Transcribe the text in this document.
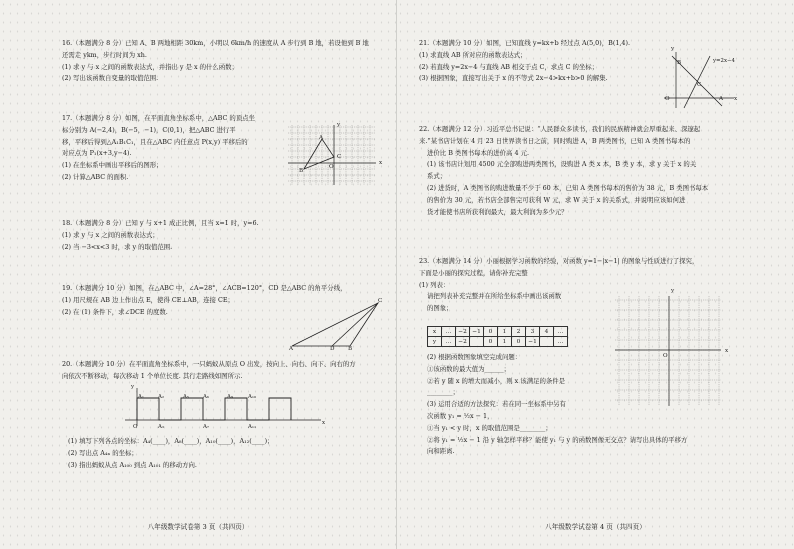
16.（本题满分 8 分）已知 A、B 两地相距 30km，小明以 6km/h 的速度从 A 步行到 B 地，若设他到 B 地
还需走 ykm，步行时间为 xh.
(1) 求 y 与 x 之间的函数表达式，并指出 y 是 x 的什么函数；
(2) 写出该函数自变量的取值范围.
17.（本题满分 8 分）如图，在平面直角坐标系中，△ABC 的顶点坐
标分别为 A(−2,4)，B(−5，−1)，C(0,1)，把△ABC 进行平
移，平移后得到△A₁B₁C₁，且在△ABC 内任意点 P(x,y) 平移后的
对应点为 P₁(x+3,y−4).
(1) 在坐标系中画出平移后的图形；
(2) 计算△ABC 的面积.
A
B
C
O
x
y
18.（本题满分 8 分）已知 y 与 x+1 成正比例，且当 x=1 时，y=6.
(1) 求 y 与 x 之间的函数表达式；
(2) 当 −3<x<3 时，求 y 的取值范围.
19.（本题满分 10 分）如图，在△ABC 中，∠A=28°，∠ACB=120°，CD 是△ABC 的角平分线，
(1) 用尺规在 AB 边上作出点 E，使得 CE⊥AB，连接 CE；
(2) 在 (1) 条件下，求∠DCE 的度数.
A	D B
C
20.（本题满分 10 分）在平面直角坐标系中，一只蚂蚁从原点 O 出发，按向上、向右、向下、向右的方
向依次不断移动，每次移动 1 个单位长度. 其行走路线如图所示.
O
A₁	A₂
A₃
A₅	A₆
A₇
A₉	A₁₀
A₁₁
x
y
(1) 填写下列各点的坐标：A₄(____)，A₈(____)，A₁₀(____)，A₁₂(____)；
(2) 写出点 A₄ₙ 的坐标；
(3) 指出蚂蚁从点 A₁₀₀ 到点 A₁₀₁ 的移动方向.
八年级数学试卷第 3 页（共四页）
21.（本题满分 10 分）如图，已知直线 y=kx+b 经过点 A(5,0)，B(1,4).
(1) 求直线 AB 所对应的函数表达式；
(2) 若直线 y=2x−4 与直线 AB 相交于点 C，求点 C 的坐标；
(3) 根据图象，直接写出关于 x 的不等式 2x−4>kx+b>0 的解集.
B
A
C
O	x
y
y=2x−4
22.（本题满分 12 分）习近平总书记说：“人民群众多读书，我们的民族精神就会厚重起来、深邃起
来.”某书店计划在 4 月 23 日世界读书日之前，同时购进 A，B 两类图书，已知 A 类图书每本的
进价比 B 类图书每本的进价高 4 元.
(1) 该书店计划用 4500 元全部购进两类图书，设购进 A 类 x 本，B 类 y 本，求 y 关于 x 的关
系式；
(2) 进货时，A 类图书的购进数量不少于 60 本，已知 A 类图书每本的售价为 38 元，B 类图书每本
的售价为 30 元，若书店全部售完可获利 W 元，求 W 关于 x 的关系式，并说明应该如何进
货才能使书店所获利润最大，最大利润为多少元？
23.（本题满分 14 分）小丽根据学习函数的经验，对函数 y=1−|x−1| 的图象与性质进行了探究，
下面是小丽的探究过程，请你补充完整
(1) 列表：
请把列表补充完整并在所给坐标系中画出该函数
的图象；
x	…	−2	−1	0	1	2	3	4	…
y	…	−2		0	1	0	−1		…
O
x
y
(2) 根据函数图象填空完成问题：
①该函数的最大值为______；
②若 y 随 x 的增大而减小，则 x 该满足的条件是
________；
(3) 运用合适的方法探究：若在同一坐标系中另有
次函数 y₁ = ½x − 1，
①当 y₁ < y 时，x 的取值范围是________；
②将 y₁ = ½x − 1 沿 y 轴怎样平移？能使 y₁ 与 y 的函数图像无交点？请写出具体的平移方
向和距离.
八年级数学试卷第 4 页（共四页）
